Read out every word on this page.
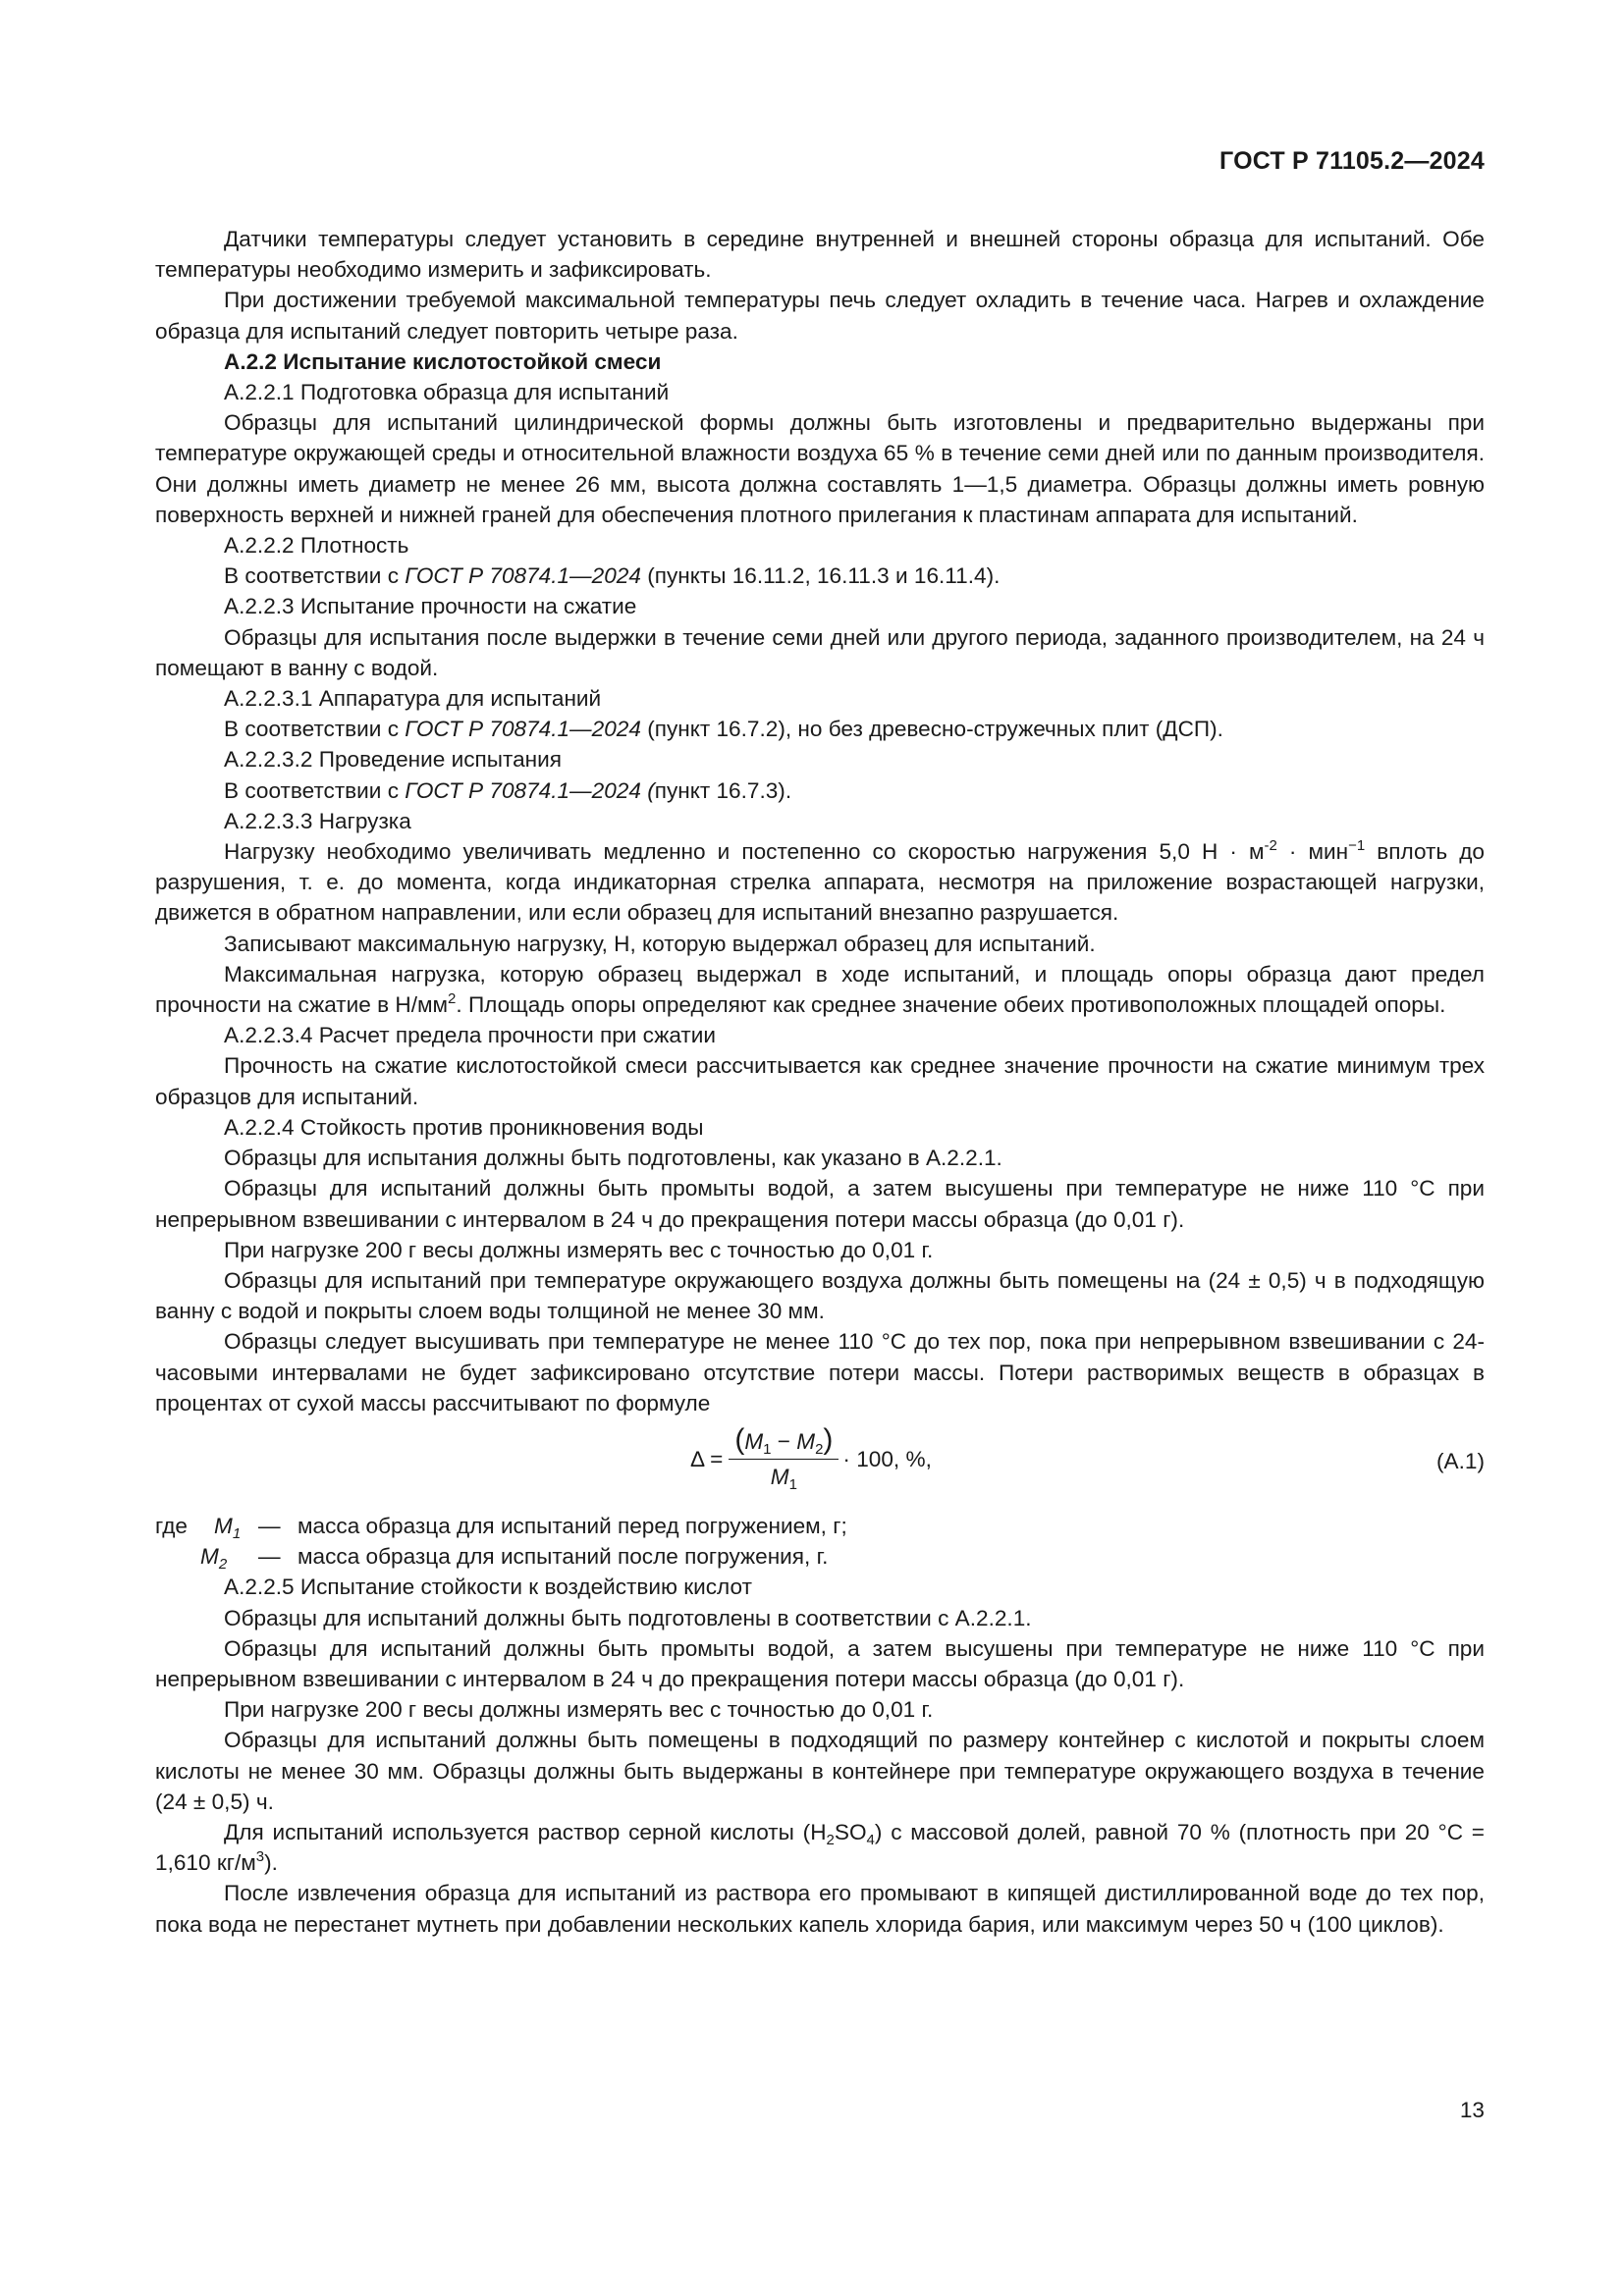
ГОСТ Р 71105.2—2024

Датчики температуры следует установить в середине внутренней и внешней стороны образца для испытаний. Обе температуры необходимо измерить и зафиксировать.

При достижении требуемой максимальной температуры печь следует охладить в течение часа. Нагрев и охлаждение образца для испытаний следует повторить четыре раза.

А.2.2 Испытание кислотостойкой смеси

А.2.2.1 Подготовка образца для испытаний

Образцы для испытаний цилиндрической формы должны быть изготовлены и предварительно выдержаны при температуре окружающей среды и относительной влажности воздуха 65 % в течение семи дней или по данным производителя. Они должны иметь диаметр не менее 26 мм, высота должна составлять 1—1,5 диаметра. Образцы должны иметь ровную поверхность верхней и нижней граней для обеспечения плотного прилегания к пластинам аппарата для испытаний.

А.2.2.2 Плотность

В соответствии с ГОСТ Р 70874.1—2024 (пункты 16.11.2, 16.11.3 и 16.11.4).

А.2.2.3 Испытание прочности на сжатие

Образцы для испытания после выдержки в течение семи дней или другого периода, заданного производителем, на 24 ч помещают в ванну с водой.

А.2.2.3.1 Аппаратура для испытаний

В соответствии с ГОСТ Р 70874.1—2024 (пункт 16.7.2), но без древесно-стружечных плит (ДСП).

А.2.2.3.2 Проведение испытания

В соответствии с ГОСТ Р 70874.1—2024 (пункт 16.7.3).

А.2.2.3.3 Нагрузка

Нагрузку необходимо увеличивать медленно и постепенно со скоростью нагружения 5,0 $Н \cdot м^{-2} \cdot мин^{-1}$ вплоть до разрушения, т. е. до момента, когда индикаторная стрелка аппарата, несмотря на приложение возрастающей нагрузки, движется в обратном направлении, или если образец для испытаний внезапно разрушается.

Записывают максимальную нагрузку, Н, которую выдержал образец для испытаний.

Максимальная нагрузка, которую образец выдержал в ходе испытаний, и площадь опоры образца дают предел прочности на сжатие в $Н/мм^2$. Площадь опоры определяют как среднее значение обеих противоположных площадей опоры.

А.2.2.3.4 Расчет предела прочности при сжатии

Прочность на сжатие кислотостойкой смеси рассчитывается как среднее значение прочности на сжатие минимум трех образцов для испытаний.

А.2.2.4 Стойкость против проникновения воды

Образцы для испытания должны быть подготовлены, как указано в А.2.2.1.

Образцы для испытаний должны быть промыты водой, а затем высушены при температуре не ниже 110 °C при непрерывном взвешивании с интервалом в 24 ч до прекращения потери массы образца (до 0,01 г).

При нагрузке 200 г весы должны измерять вес с точностью до 0,01 г.

Образцы для испытаний при температуре окружающего воздуха должны быть помещены на (24 ± 0,5) ч в подходящую ванну с водой и покрыты слоем воды толщиной не менее 30 мм.

Образцы следует высушивать при температуре не менее 110 °C до тех пор, пока при непрерывном взвешивании с 24-часовыми интервалами не будет зафиксировано отсутствие потери массы. Потери растворимых веществ в образцах в процентах от сухой массы рассчитывают по формуле

$\Delta = \frac{(M_1 - M_2)}{M_1} \cdot 100$, %,	(А.1)
где	$M_1$ — масса образца для испытаний перед погружением, г;
$M_2$	— масса образца для испытаний после погружения, г.

А.2.2.5 Испытание стойкости к воздействию кислот

Образцы для испытаний должны быть подготовлены в соответствии с А.2.2.1.

Образцы для испытаний должны быть промыты водой, а затем высушены при температуре не ниже 110 °C при непрерывном взвешивании с интервалом в 24 ч до прекращения потери массы образца (до 0,01 г).

При нагрузке 200 г весы должны измерять вес с точностью до 0,01 г.

Образцы для испытаний должны быть помещены в подходящий по размеру контейнер с кислотой и покрыты слоем кислоты не менее 30 мм. Образцы должны быть выдержаны в контейнере при температуре окружающего воздуха в течение (24 ± 0,5) ч.

Для испытаний используется раствор серной кислоты $(H_2SO_4)$ с массовой долей, равной 70 % (плотность при 20 °C = 1,610 $кг/м^3$).

После извлечения образца для испытаний из раствора его промывают в кипящей дистиллированной воде до тех пор, пока вода не перестанет мутнеть при добавлении нескольких капель хлорида бария, или максимум через 50 ч (100 циклов).

13
